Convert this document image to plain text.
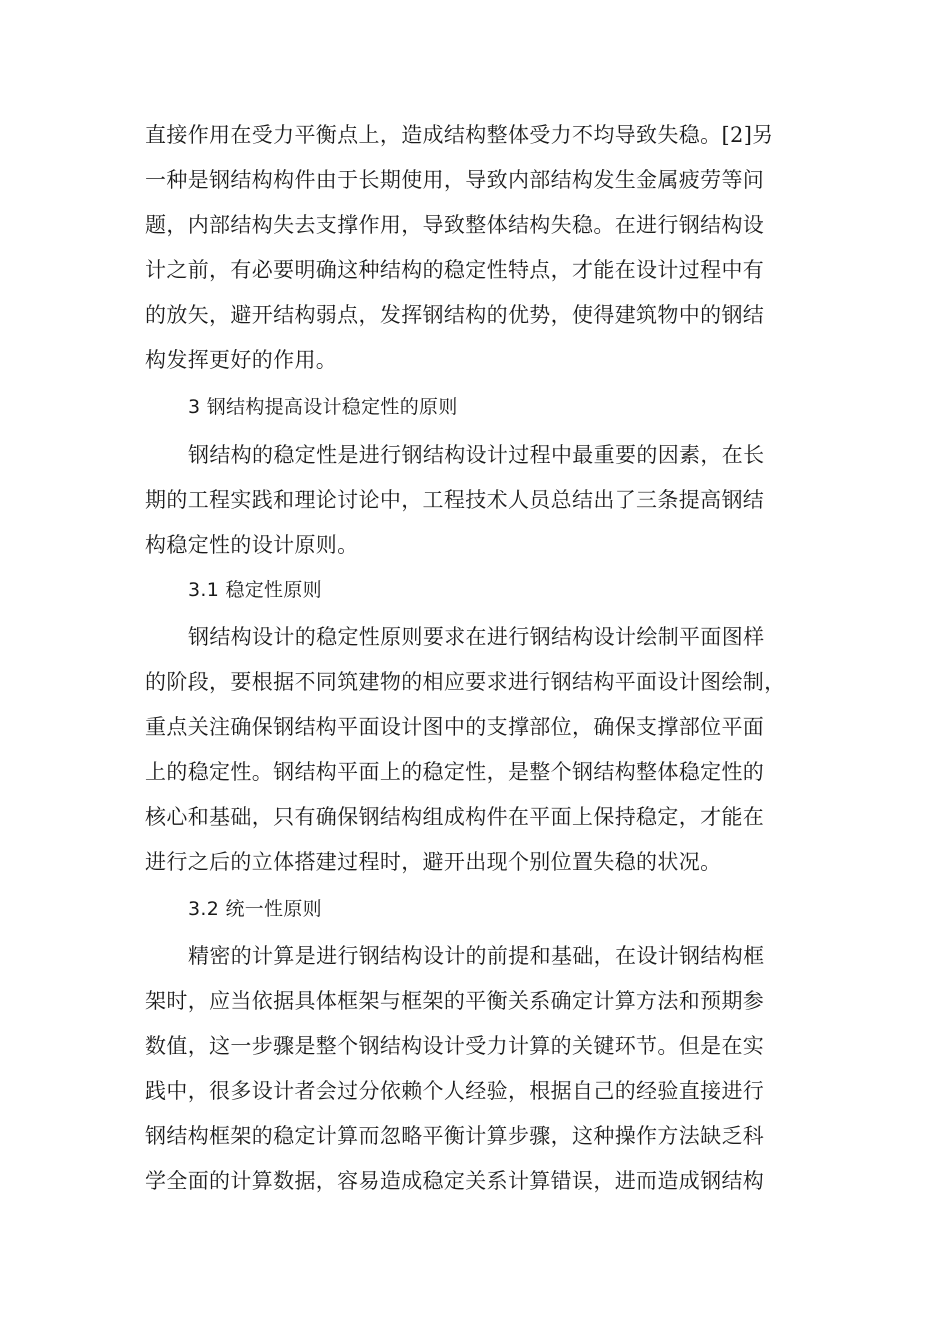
直接作用在受力平衡点上，造成结构整体受力不均导致失稳。[2]另
一种是钢结构构件由于长期使用，导致内部结构发生金属疲劳等问
题，内部结构失去支撑作用，导致整体结构失稳。在进行钢结构设
计之前，有必要明确这种结构的稳定性特点，才能在设计过程中有
的放矢，避开结构弱点，发挥钢结构的优势，使得建筑物中的钢结
构发挥更好的作用。
3 钢结构提高设计稳定性的原则
钢结构的稳定性是进行钢结构设计过程中最重要的因素，在长
期的工程实践和理论讨论中，工程技术人员总结出了三条提高钢结
构稳定性的设计原则。
3.1 稳定性原则
钢结构设计的稳定性原则要求在进行钢结构设计绘制平面图样
的阶段，要根据不同筑建物的相应要求进行钢结构平面设计图绘制，
重点关注确保钢结构平面设计图中的支撑部位，确保支撑部位平面
上的稳定性。钢结构平面上的稳定性，是整个钢结构整体稳定性的
核心和基础，只有确保钢结构组成构件在平面上保持稳定，才能在
进行之后的立体搭建过程时，避开出现个别位置失稳的状况。
3.2 统一性原则
精密的计算是进行钢结构设计的前提和基础，在设计钢结构框
架时，应当依据具体框架与框架的平衡关系确定计算方法和预期参
数值，这一步骤是整个钢结构设计受力计算的关键环节。但是在实
践中，很多设计者会过分依赖个人经验，根据自己的经验直接进行
钢结构框架的稳定计算而忽略平衡计算步骤，这种操作方法缺乏科
学全面的计算数据，容易造成稳定关系计算错误，进而造成钢结构
